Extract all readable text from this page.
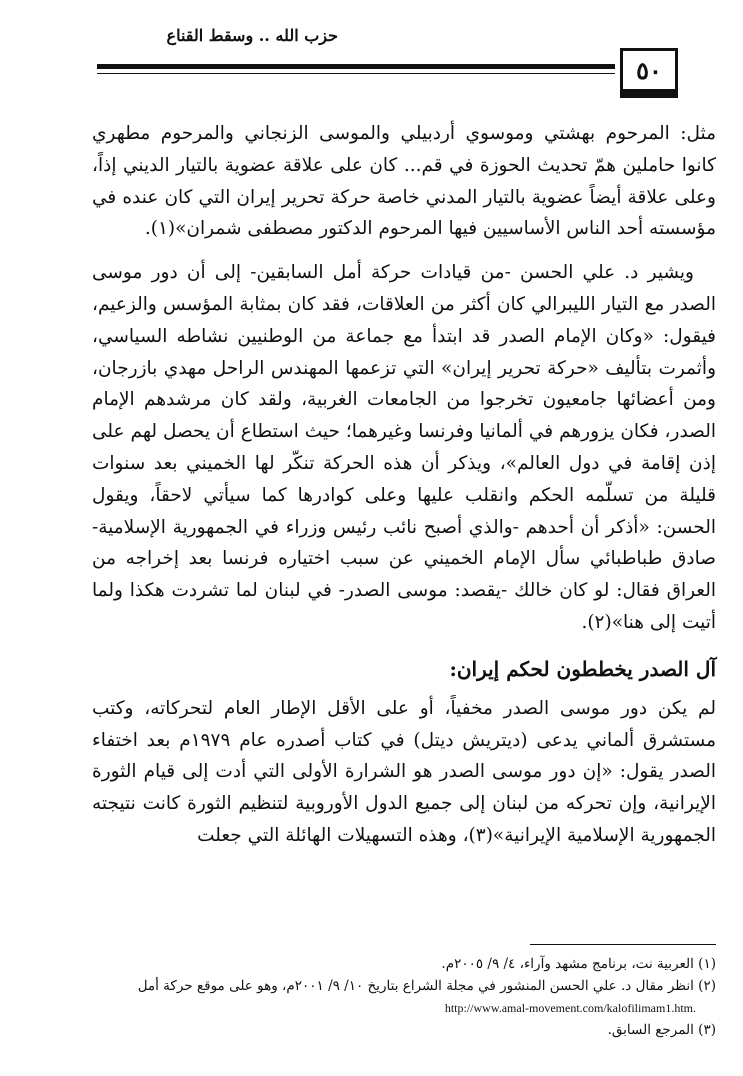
حزب الله .. وسقط القناع
٥٠

مثل: المرحوم بهشتي وموسوي أردبيلي والموسى الزنجاني والمرحوم مطهري كانوا حاملين همّ تحديث الحوزة في قم... كان على علاقة عضوية بالتيار الديني إذاً، وعلى علاقة أيضاً عضوية بالتيار المدني خاصة حركة تحرير إيران التي كان عنده في مؤسسته أحد الناس الأساسيين فيها المرحوم الدكتور مصطفى شمران»(١).

ويشير د. علي الحسن -من قيادات حركة أمل السابقين- إلى أن دور موسى الصدر مع التيار الليبرالي كان أكثر من العلاقات، فقد كان بمثابة المؤسس والزعيم، فيقول: «وكان الإمام الصدر قد ابتدأ مع جماعة من الوطنيين نشاطه السياسي، وأثمرت بتأليف «حركة تحرير إيران» التي تزعمها المهندس الراحل مهدي بازرجان، ومن أعضائها جامعيون تخرجوا من الجامعات الغربية، ولقد كان مرشدهم الإمام الصدر، فكان يزورهم في ألمانيا وفرنسا وغيرهما؛ حيث استطاع أن يحصل لهم على إذن إقامة في دول العالم»، ويذكر أن هذه الحركة تنكّر لها الخميني بعد سنوات قليلة من تسلّمه الحكم وانقلب عليها وعلى كوادرها كما سيأتي لاحقاً، ويقول الحسن: «أذكر أن أحدهم -والذي أصبح نائب رئيس وزراء في الجمهورية الإسلامية- صادق طباطبائي سأل الإمام الخميني عن سبب اختياره فرنسا بعد إخراجه من العراق فقال: لو كان خالك -يقصد: موسى الصدر- في لبنان لما تشردت هكذا ولما أتيت إلى هنا»(٢).

آل الصدر يخططون لحكم إيران:

لم يكن دور موسى الصدر مخفياً، أو على الأقل الإطار العام لتحركاته، وكتب مستشرق ألماني يدعى (ديتريش ديتل) في كتاب أصدره عام ١٩٧٩م بعد اختفاء الصدر يقول: «إن دور موسى الصدر هو الشرارة الأولى التي أدت إلى قيام الثورة الإيرانية، وإن تحركه من لبنان إلى جميع الدول الأوروبية لتنظيم الثورة كانت نتيجته الجمهورية الإسلامية الإيرانية»(٣)، وهذه التسهيلات الهائلة التي جعلت

(١) العربية نت، برنامج مشهد وآراء، ٤/ ٩/ ٢٠٠٥م.

(٢) انظر مقال د. علي الحسن المنشور في مجلة الشراع بتاريخ ١٠/ ٩/ ٢٠٠١م، وهو على موقع حركة أمل

http://www.amal-movement.com/kalofilimam1.htm.

(٣) المرجع السابق.
